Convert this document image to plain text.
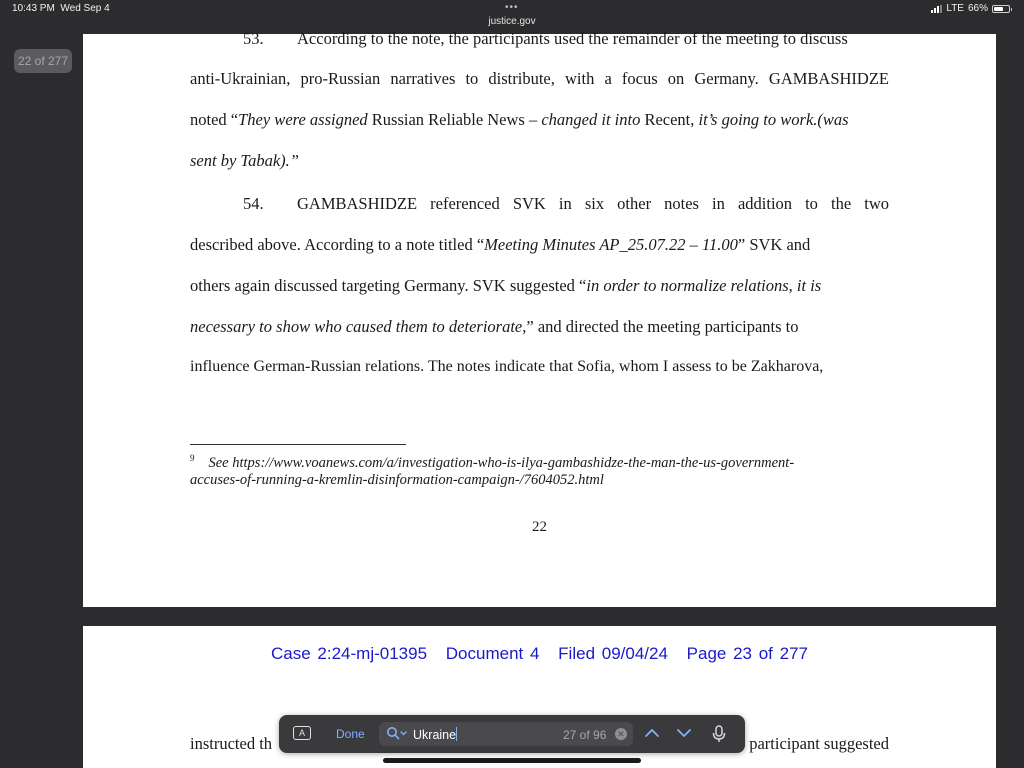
10:43 PM Wed Sep 4	•••
justice.gov
LTE 66%
22 of 277
53. According to the note, the participants used the remainder of the meeting to discuss
anti-Ukrainian, pro-Russian narratives to distribute, with a focus on Germany. GAMBASHIDZE
noted “They were assigned Russian Reliable News – changed it into Recent, it’s going to work.(was
sent by Tabak).”
54. GAMBASHIDZE referenced SVK in six other notes in addition to the two
described above. According to a note titled “Meeting Minutes AP_25.07.22 – 11.00” SVK and
others again discussed targeting Germany. SVK suggested “in order to normalize relations, it is
necessary to show who caused them to deteriorate,” and directed the meeting participants to
influence German-Russian relations. The notes indicate that Sofia, whom I assess to be Zakharova,
$^9$ See https://www.voanews.com/a/investigation-who-is-ilya-gambashidze-the-man-the-us-government-
accuses-of-running-a-kremlin-disinformation-campaign-/7604052.html
22
Case 2:24-mj-01395 Document 4 Filed 09/04/24 Page 23 of 277
instructed th	participant suggested
A	Done	Ukraine	27 of 96 ✕
